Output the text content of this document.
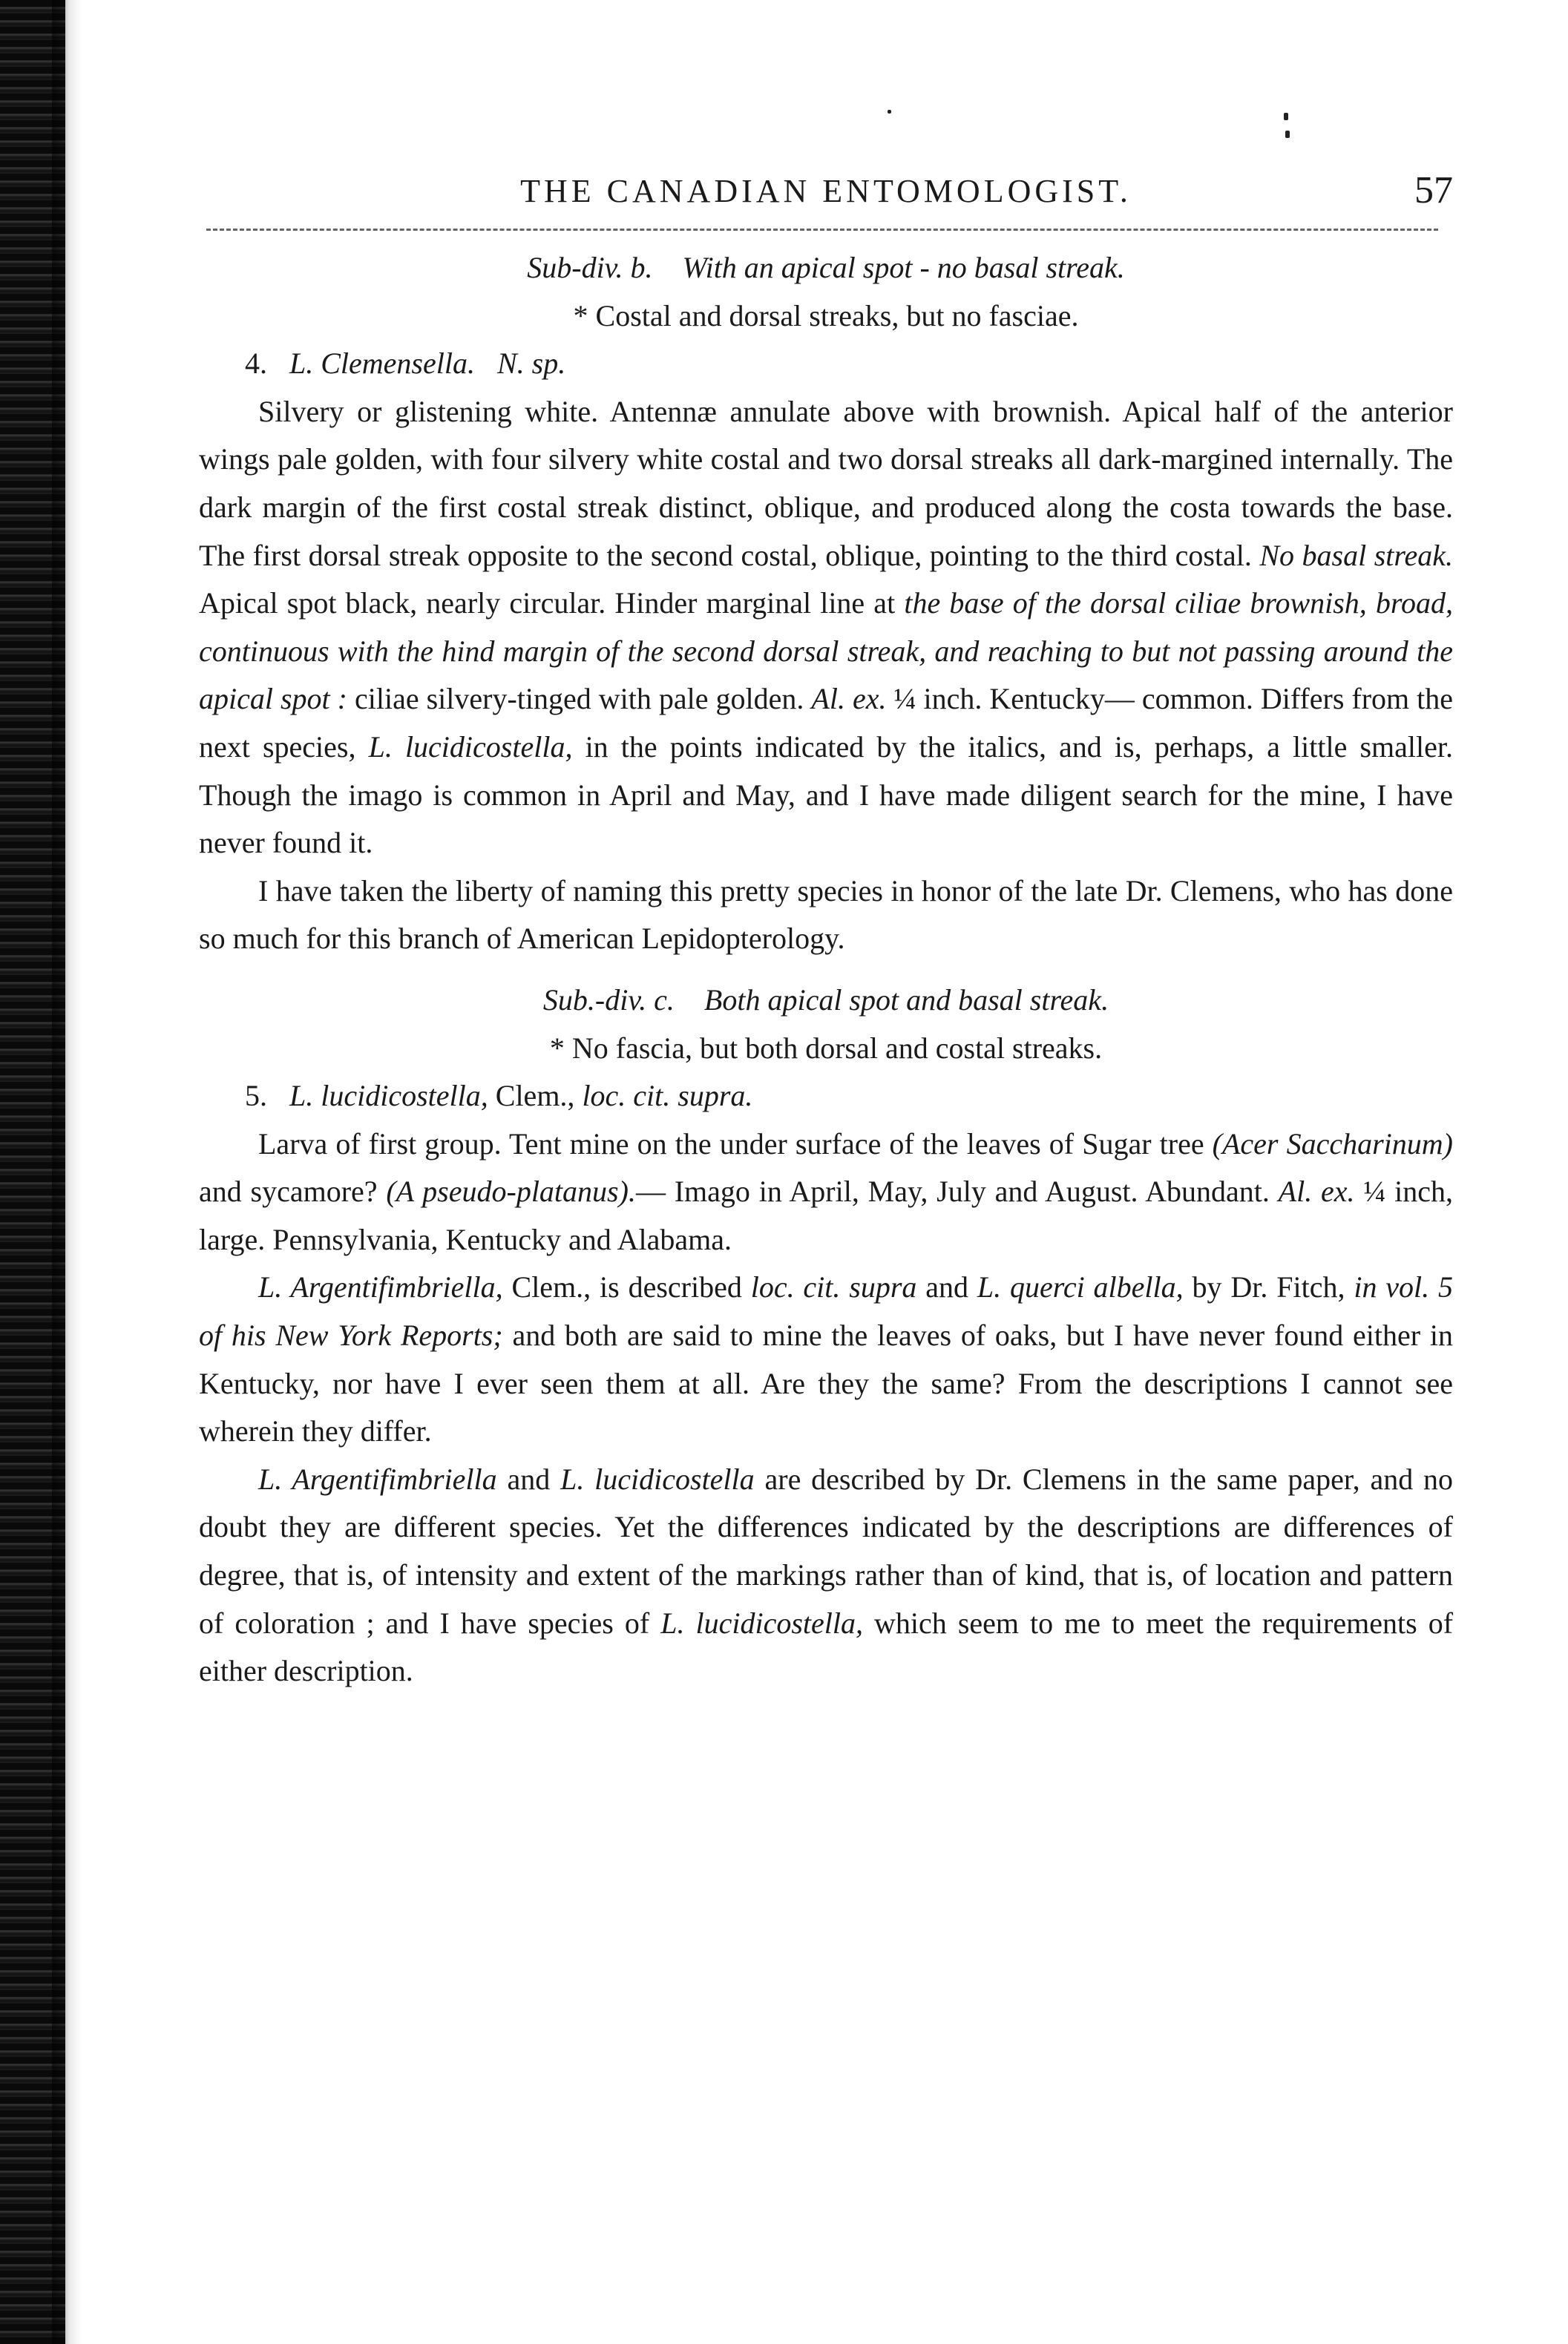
THE CANADIAN ENTOMOLOGIST.	57

Sub-div. b. With an apical spot - no basal streak.

* Costal and dorsal streaks, but no fasciae.

4. L. Clemensella. N. sp.

Silvery or glistening white. Antennæ annulate above with brownish. Apical half of the anterior wings pale golden, with four silvery white costal and two dorsal streaks all dark-margined internally. The dark margin of the first costal streak distinct, oblique, and produced along the costa towards the base. The first dorsal streak opposite to the second costal, oblique, pointing to the third costal. No basal streak. Apical spot black, nearly circular. Hinder marginal line at the base of the dorsal ciliae brownish, broad, continuous with the hind margin of the second dorsal streak, and reaching to but not passing around the apical spot : ciliae silvery-tinged with pale golden. Al. ex. ¼ inch. Kentucky— common. Differs from the next species, L. lucidicostella, in the points indicated by the italics, and is, perhaps, a little smaller. Though the imago is common in April and May, and I have made diligent search for the mine, I have never found it.

I have taken the liberty of naming this pretty species in honor of the late Dr. Clemens, who has done so much for this branch of American Lepidopterology.

Sub.-div. c. Both apical spot and basal streak.

* No fascia, but both dorsal and costal streaks.

5. L. lucidicostella, Clem., loc. cit. supra.

Larva of first group. Tent mine on the under surface of the leaves of Sugar tree (Acer Saccharinum) and sycamore? (A pseudo-platanus).— Imago in April, May, July and August. Abundant. Al. ex. ¼ inch, large. Pennsylvania, Kentucky and Alabama.

L. Argentifimbriella, Clem., is described loc. cit. supra and L. querci albella, by Dr. Fitch, in vol. 5 of his New York Reports; and both are said to mine the leaves of oaks, but I have never found either in Kentucky, nor have I ever seen them at all. Are they the same? From the descriptions I cannot see wherein they differ.

L. Argentifimbriella and L. lucidicostella are described by Dr. Clemens in the same paper, and no doubt they are different species. Yet the differences indicated by the descriptions are differences of degree, that is, of intensity and extent of the markings rather than of kind, that is, of location and pattern of coloration ; and I have species of L. lucidicostella, which seem to me to meet the requirements of either description.
